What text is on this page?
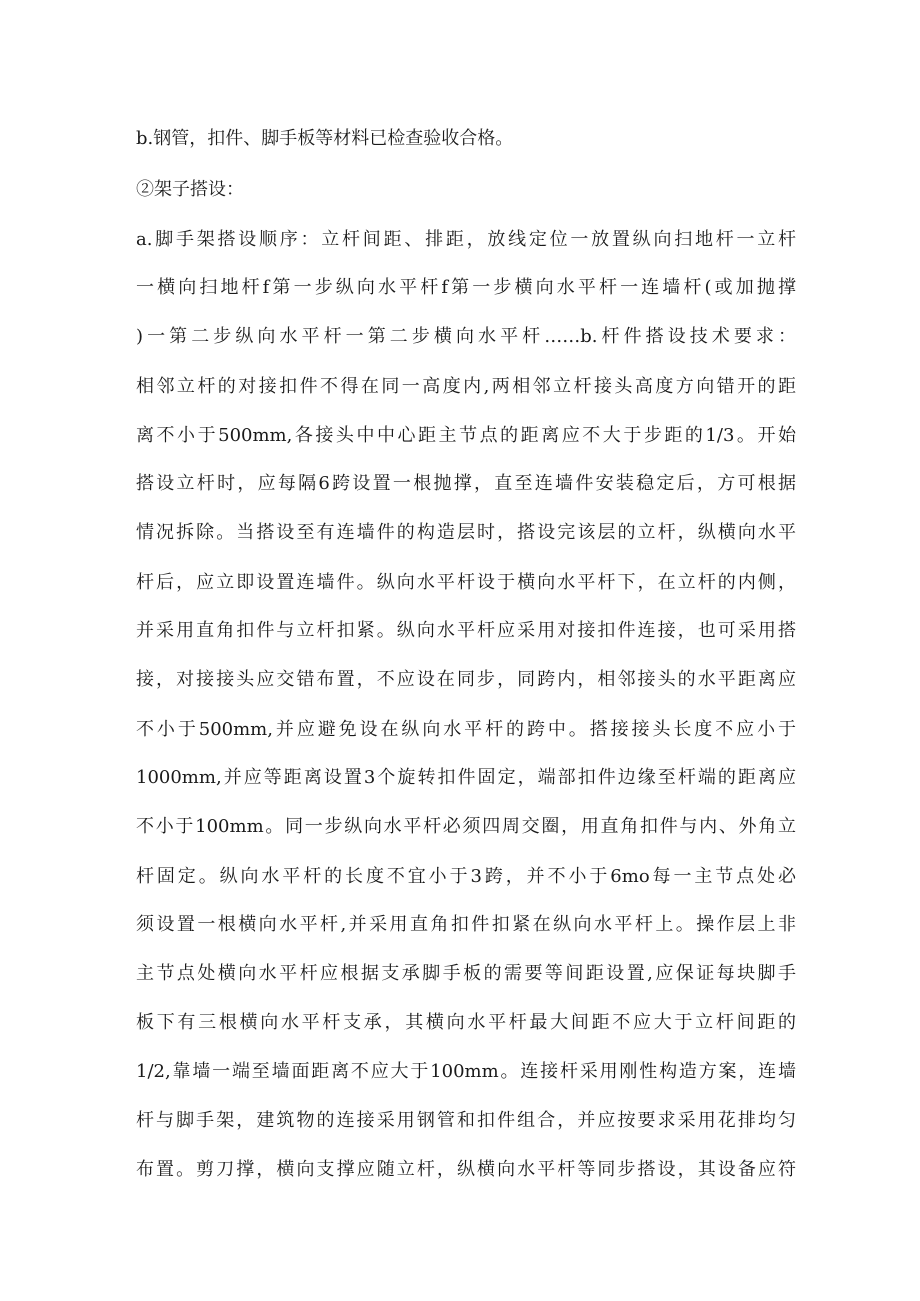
b.钢管，扣件、脚手板等材料已检查验收合格。
②架子搭设：
a.脚手架搭设顺序：立杆间距、排距，放线定位一放置纵向扫地杆一立杆
一横向扫地杆f第一步纵向水平杆f第一步横向水平杆一连墙杆(或加抛撑
)一第二步纵向水平杆一第二步横向水平杆……b.杆件搭设技术要求：
相邻立杆的对接扣件不得在同一高度内,两相邻立杆接头高度方向错开的距
离不小于500mm,各接头中中心距主节点的距离应不大于步距的1/3。开始
搭设立杆时，应每隔6跨设置一根抛撑，直至连墙件安装稳定后，方可根据
情况拆除。当搭设至有连墙件的构造层时，搭设完该层的立杆，纵横向水平
杆后，应立即设置连墙件。纵向水平杆设于横向水平杆下，在立杆的内侧，
并采用直角扣件与立杆扣紧。纵向水平杆应采用对接扣件连接，也可采用搭
接，对接接头应交错布置，不应设在同步，同跨内，相邻接头的水平距离应
不小于500mm,并应避免设在纵向水平杆的跨中。搭接接头长度不应小于
1000mm,并应等距离设置3个旋转扣件固定，端部扣件边缘至杆端的距离应
不小于100mm。同一步纵向水平杆必须四周交圈，用直角扣件与内、外角立
杆固定。纵向水平杆的长度不宜小于3跨，并不小于6mo每一主节点处必
须设置一根横向水平杆,并采用直角扣件扣紧在纵向水平杆上。操作层上非
主节点处横向水平杆应根据支承脚手板的需要等间距设置,应保证每块脚手
板下有三根横向水平杆支承，其横向水平杆最大间距不应大于立杆间距的
1/2,靠墙一端至墙面距离不应大于100mm。连接杆采用刚性构造方案，连墙
杆与脚手架，建筑物的连接采用钢管和扣件组合，并应按要求采用花排均匀
布置。剪刀撑，横向支撑应随立杆，纵横向水平杆等同步搭设，其设备应符
